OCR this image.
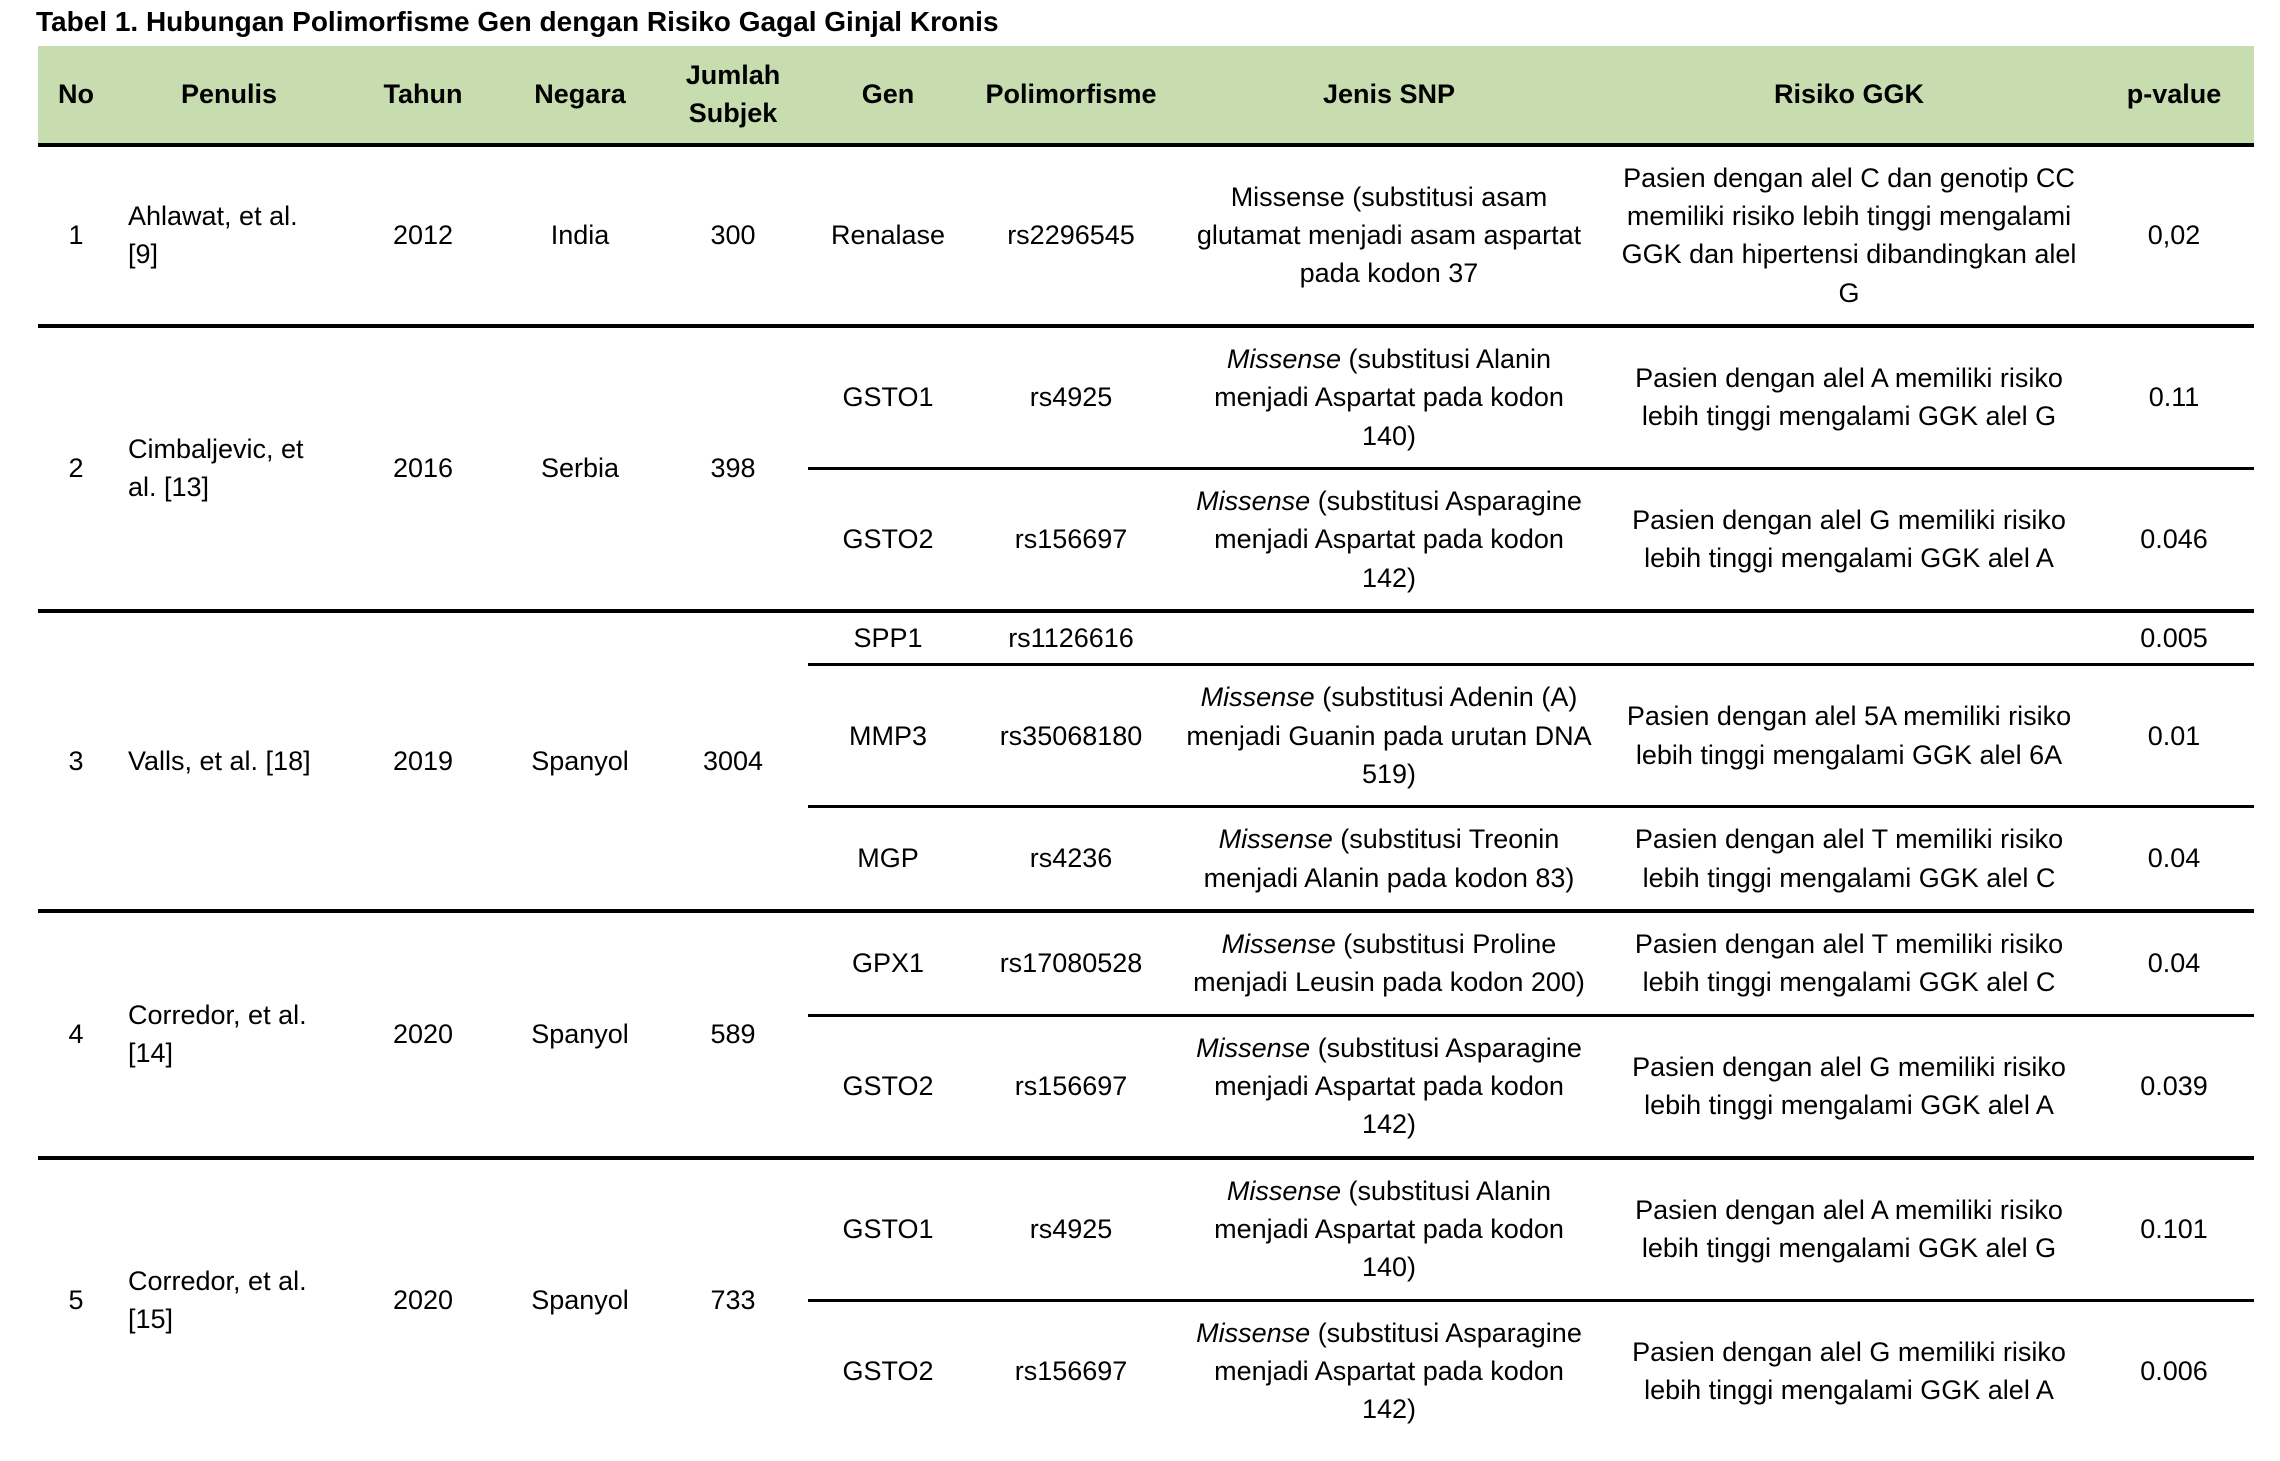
Tabel 1. Hubungan Polimorfisme Gen dengan Risiko Gagal Ginjal Kronis
No	Penulis	Tahun	Negara	Jumlah Subjek	Gen	Polimorfisme	Jenis SNP	Risiko GGK	p-value
1	Ahlawat, et al. [9]	2012	India	300	Renalase	rs2296545	Missense (substitusi asam glutamat menjadi asam aspartat pada kodon 37	Pasien dengan alel C dan genotip CC memiliki risiko lebih tinggi mengalami GGK dan hipertensi dibandingkan alel G	0,02
2	Cimbaljevic, et al. [13]	2016	Serbia	398	GSTO1	rs4925	Missense (substitusi Alanin menjadi Aspartat pada kodon 140)	Pasien dengan alel A memiliki risiko lebih tinggi mengalami GGK alel G	0.11
					GSTO2	rs156697	Missense (substitusi Asparagine menjadi Aspartat pada kodon 142)	Pasien dengan alel G memiliki risiko lebih tinggi mengalami GGK alel A	0.046
3	Valls, et al. [18]	2019	Spanyol	3004	SPP1	rs1126616			0.005
					MMP3	rs35068180	Missense (substitusi Adenin (A) menjadi Guanin pada urutan DNA 519)	Pasien dengan alel 5A memiliki risiko lebih tinggi mengalami GGK alel 6A	0.01
					MGP	rs4236	Missense (substitusi Treonin menjadi Alanin pada kodon 83)	Pasien dengan alel T memiliki risiko lebih tinggi mengalami GGK alel C	0.04
4	Corredor, et al. [14]	2020	Spanyol	589	GPX1	rs17080528	Missense (substitusi Proline menjadi Leusin pada kodon 200)	Pasien dengan alel T memiliki risiko lebih tinggi mengalami GGK alel C	0.04
					GSTO2	rs156697	Missense (substitusi Asparagine menjadi Aspartat pada kodon 142)	Pasien dengan alel G memiliki risiko lebih tinggi mengalami GGK alel A	0.039
5	Corredor, et al. [15]	2020	Spanyol	733	GSTO1	rs4925	Missense (substitusi Alanin menjadi Aspartat pada kodon 140)	Pasien dengan alel A memiliki risiko lebih tinggi mengalami GGK alel G	0.101
					GSTO2	rs156697	Missense (substitusi Asparagine menjadi Aspartat pada kodon 142)	Pasien dengan alel G memiliki risiko lebih tinggi mengalami GGK alel A	0.006
